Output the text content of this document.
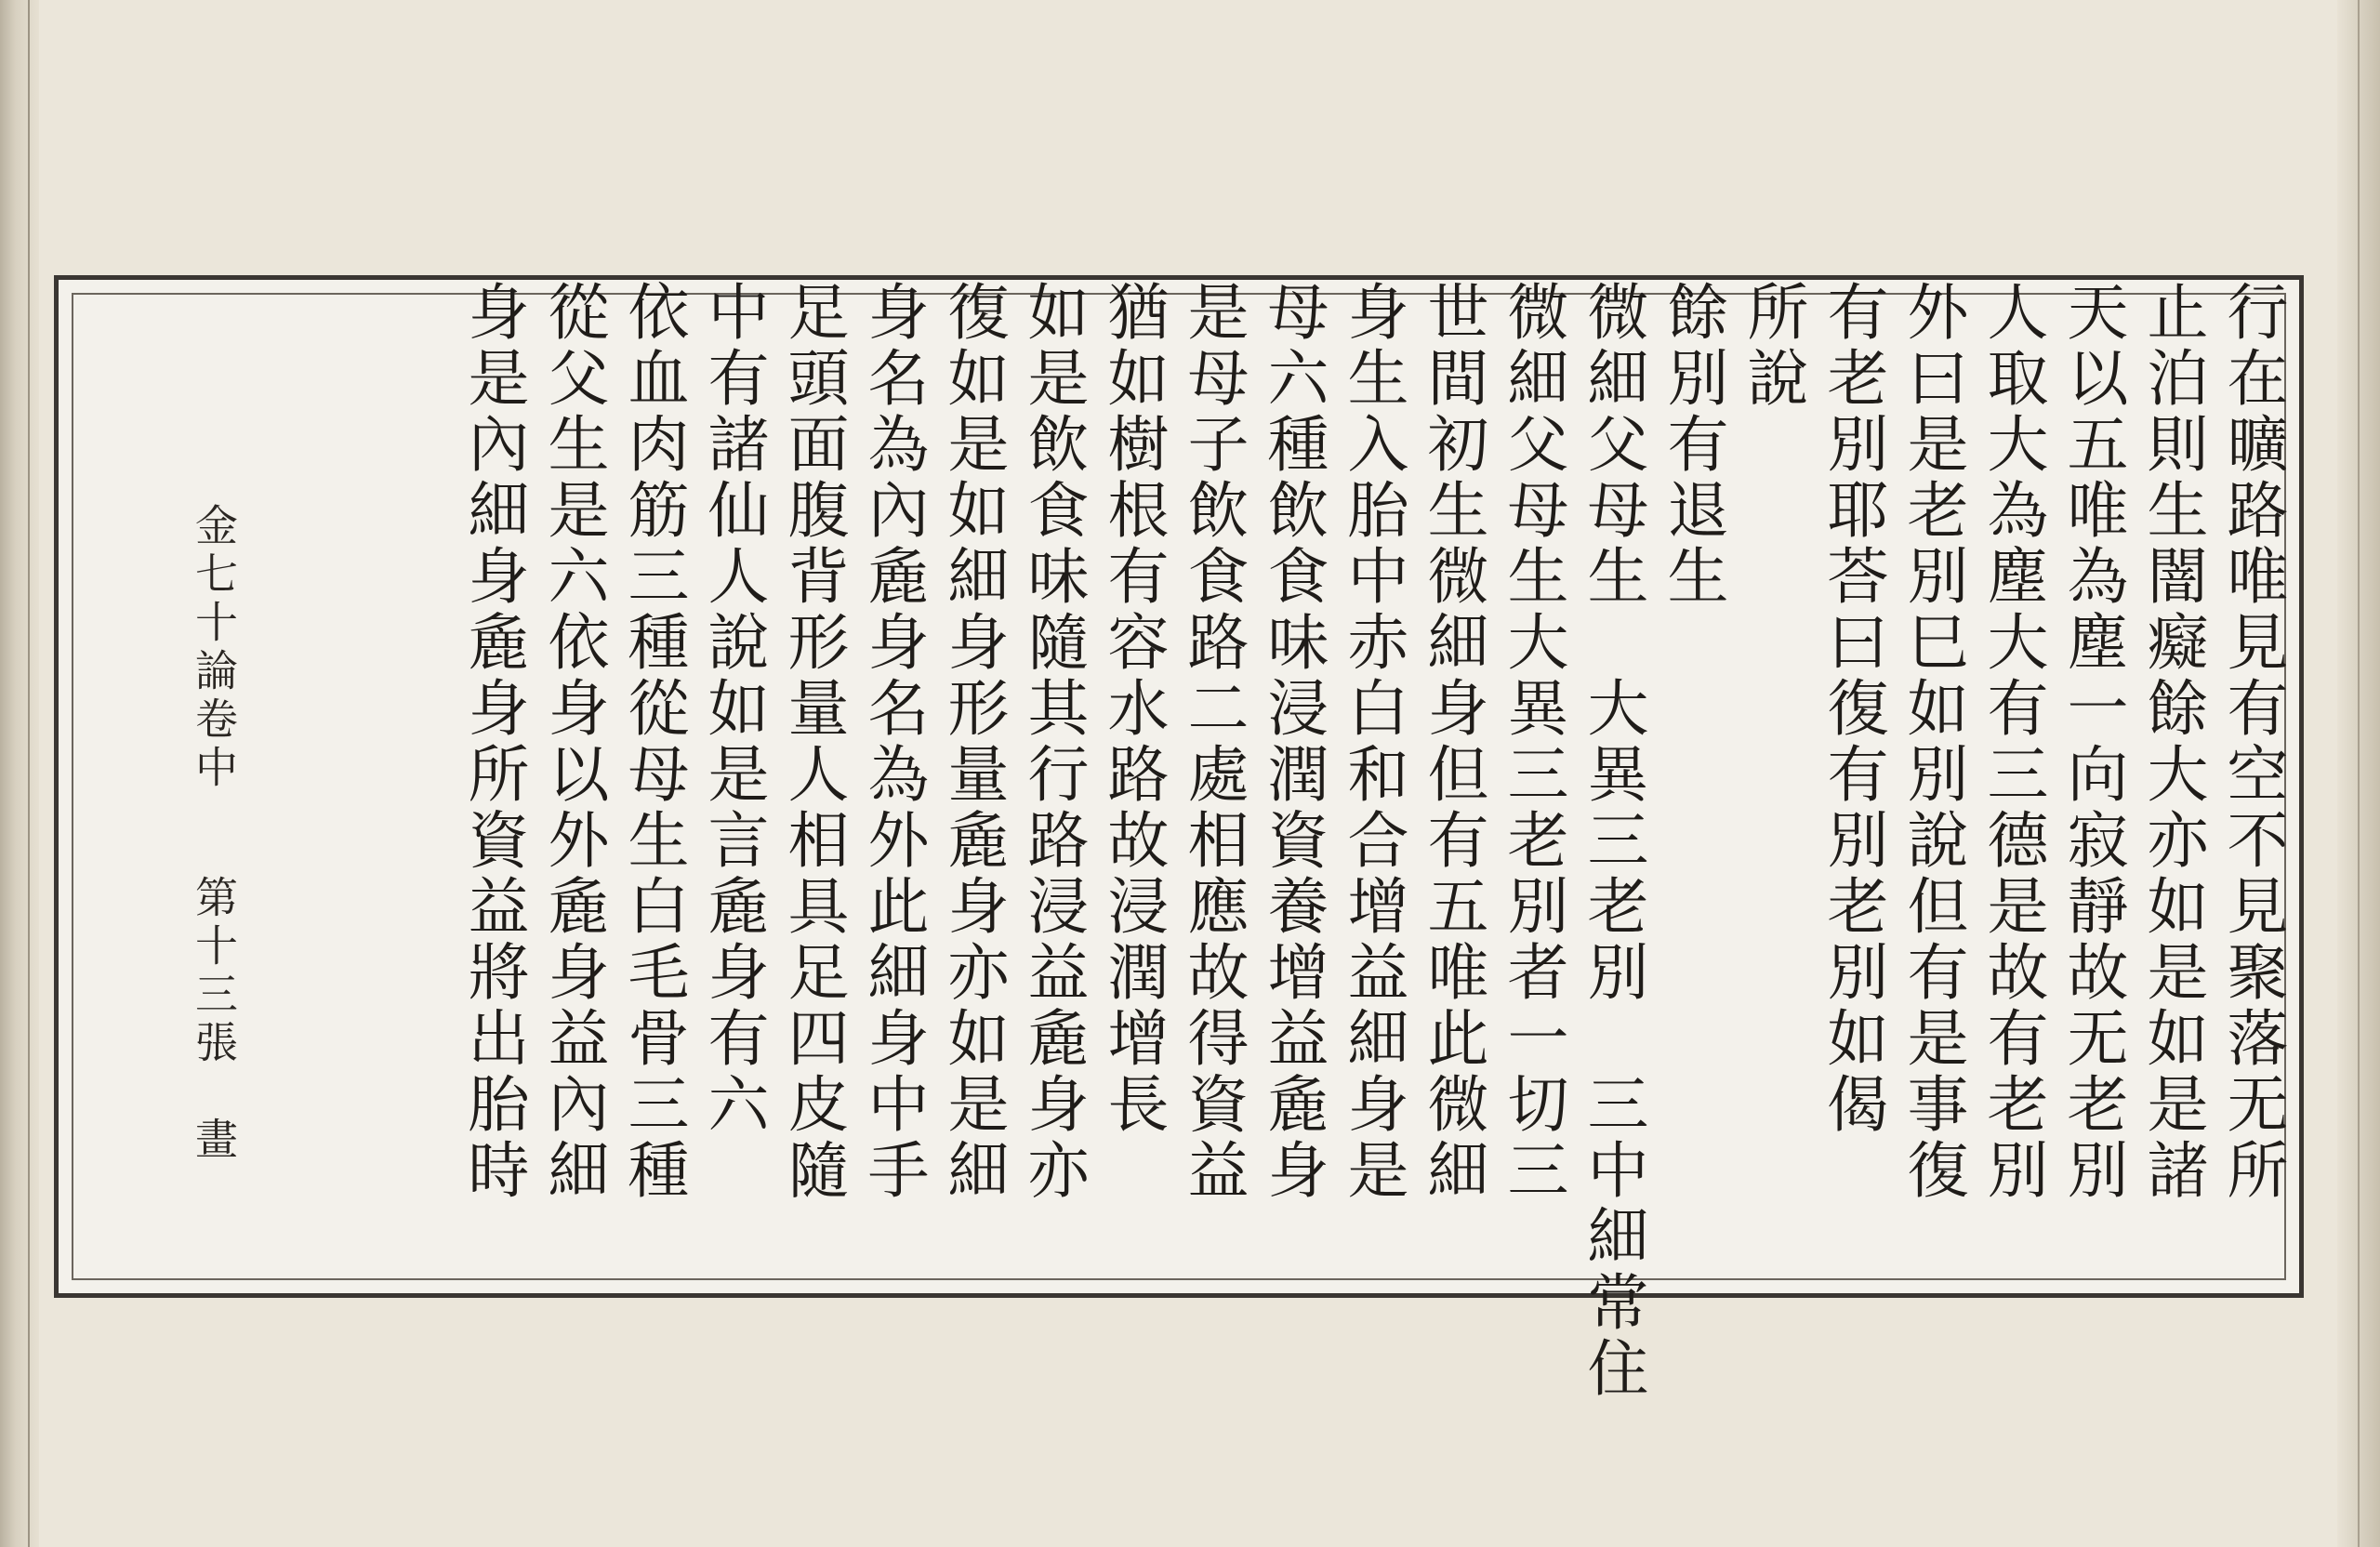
行在曠路唯見有空不見聚落无所
止泊則生闇癡餘大亦如是如是諸
天以五唯為塵一向寂靜故无老別
人取大為塵大有三德是故有老別
外曰是老別巳如別說但有是事復
有老別耶荅曰復有別老別如偈
所說
餘別有退生
微細父母生　大異三老別　三中細常住
微細父母生大異三老別者一切三
世間初生微細身但有五唯此微細
身生入胎中赤白和合增益細身是
母六種飲食味浸潤資養增益麁身
是母子飲食路二處相應故得資益
猶如樹根有容水路故浸潤增長
如是飲食味隨其行路浸益麁身亦
復如是如細身形量麁身亦如是細
身名為內麁身名為外此細身中手
足頭面腹背形量人相具足四皮隨
中有諸仙人說如是言麁身有六
依血肉筋三種從母生白毛骨三種
從父生是六依身以外麁身益內細
身是內細身麁身所資益將出胎時
金七十論卷中
第十三張　畫
